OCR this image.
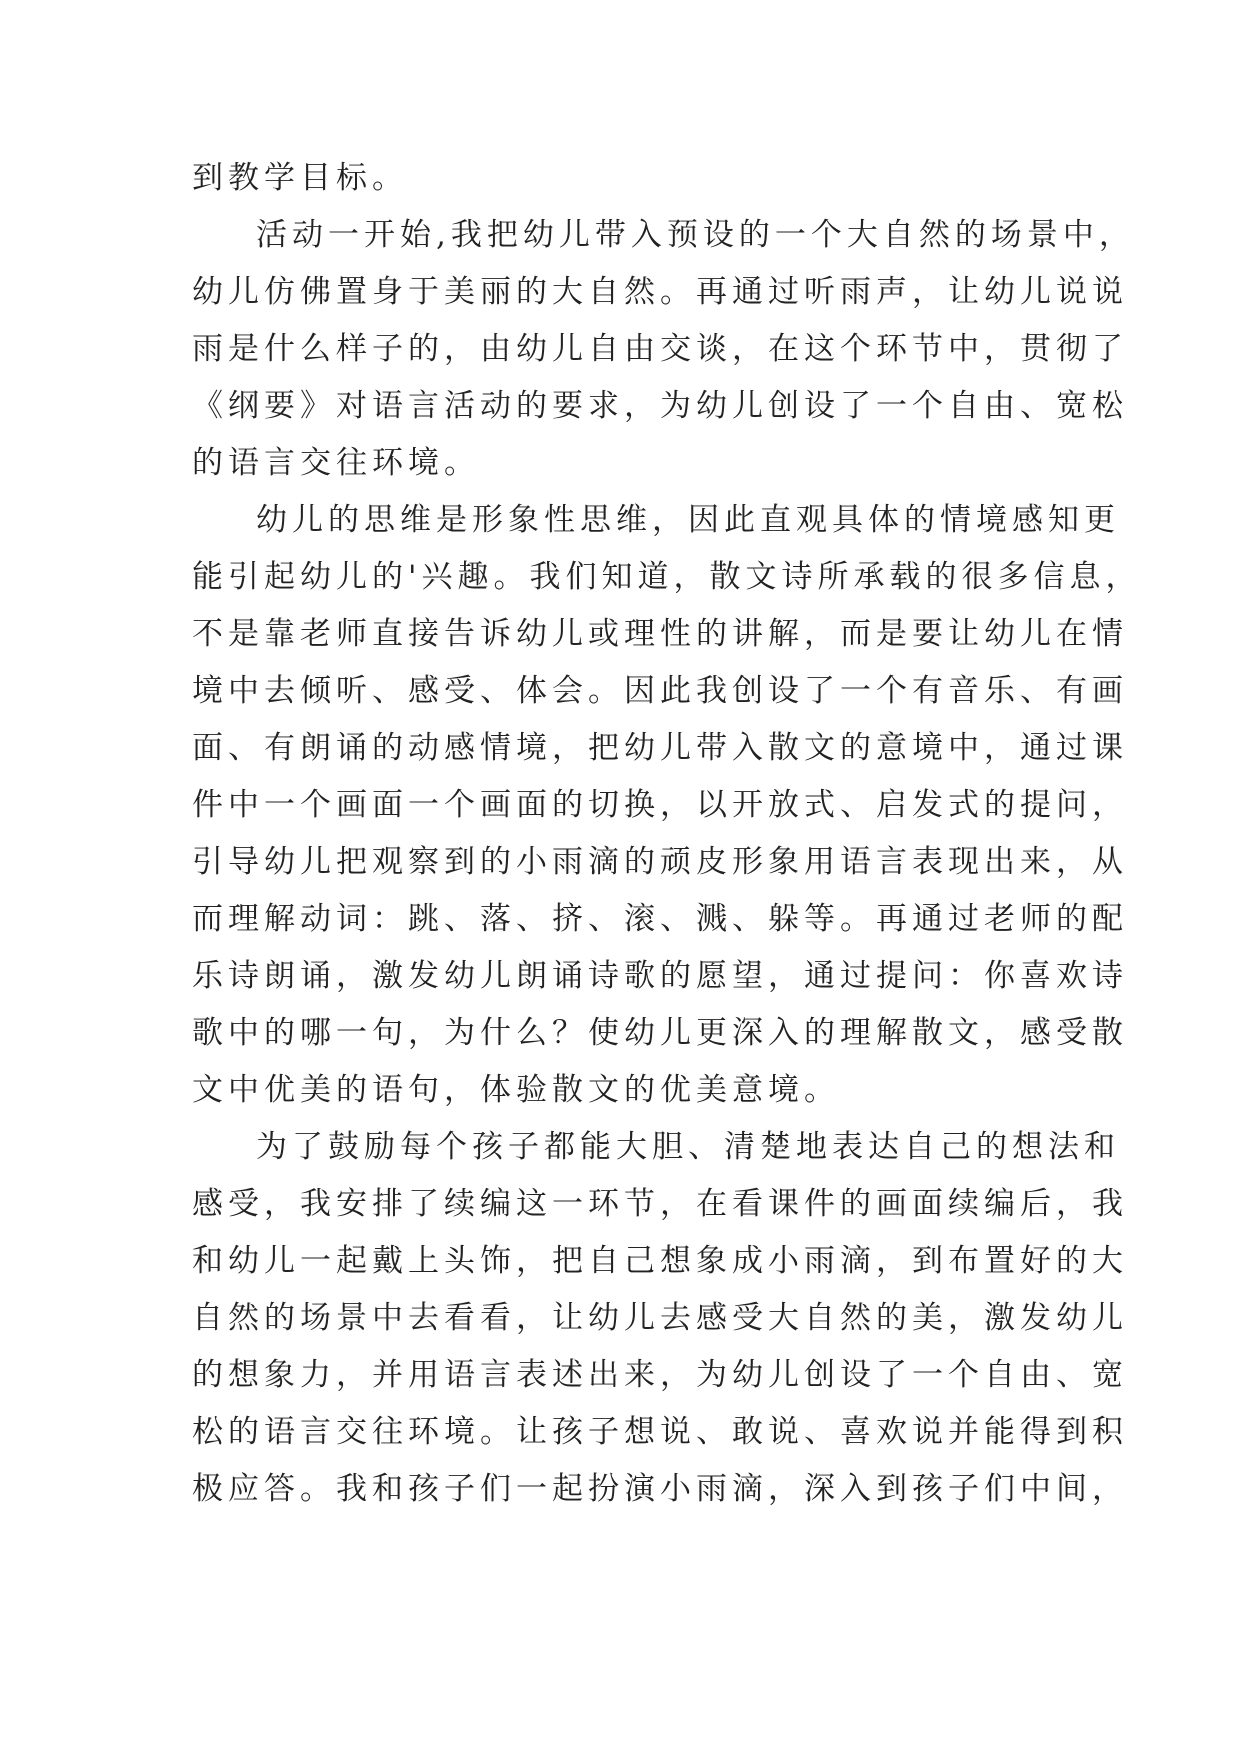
到教学目标。
活动一开始,我把幼儿带入预设的一个大自然的场景中，
幼儿仿佛置身于美丽的大自然。再通过听雨声，让幼儿说说
雨是什么样子的，由幼儿自由交谈，在这个环节中，贯彻了
《纲要》对语言活动的要求，为幼儿创设了一个自由、宽松
的语言交往环境。
幼儿的思维是形象性思维，因此直观具体的情境感知更
能引起幼儿的'兴趣。我们知道，散文诗所承载的很多信息，
不是靠老师直接告诉幼儿或理性的讲解，而是要让幼儿在情
境中去倾听、感受、体会。因此我创设了一个有音乐、有画
面、有朗诵的动感情境，把幼儿带入散文的意境中，通过课
件中一个画面一个画面的切换，以开放式、启发式的提问，
引导幼儿把观察到的小雨滴的顽皮形象用语言表现出来，从
而理解动词：跳、落、挤、滚、溅、躲等。再通过老师的配
乐诗朗诵，激发幼儿朗诵诗歌的愿望，通过提问：你喜欢诗
歌中的哪一句，为什么？使幼儿更深入的理解散文，感受散
文中优美的语句，体验散文的优美意境。
为了鼓励每个孩子都能大胆、清楚地表达自己的想法和
感受，我安排了续编这一环节，在看课件的画面续编后，我
和幼儿一起戴上头饰，把自己想象成小雨滴，到布置好的大
自然的场景中去看看，让幼儿去感受大自然的美，激发幼儿
的想象力，并用语言表述出来，为幼儿创设了一个自由、宽
松的语言交往环境。让孩子想说、敢说、喜欢说并能得到积
极应答。我和孩子们一起扮演小雨滴，深入到孩子们中间，
